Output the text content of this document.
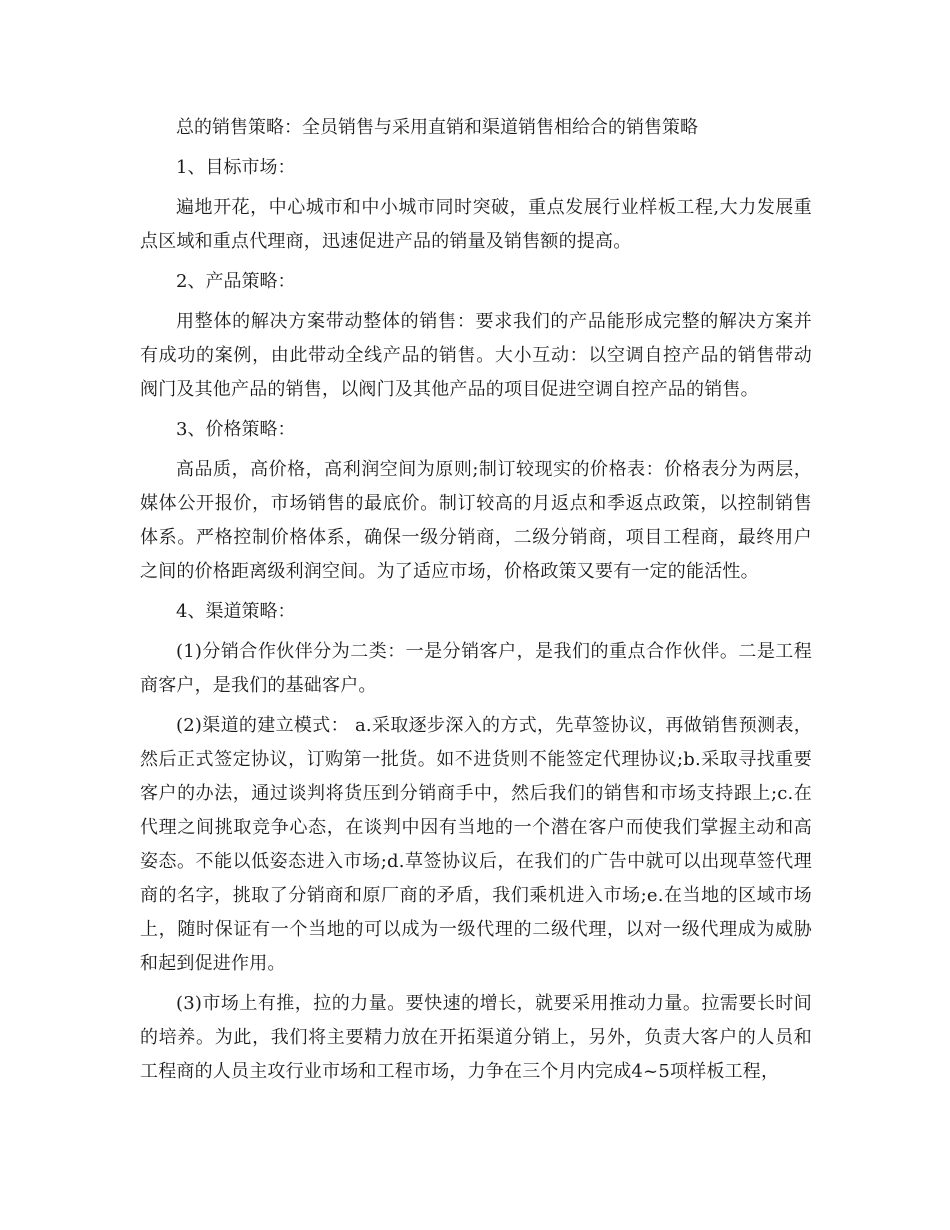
总的销售策略：全员销售与采用直销和渠道销售相给合的销售策略

1、目标市场：

遍地开花，中心城市和中小城市同时突破，重点发展行业样板工程,大力发展重点区域和重点代理商，迅速促进产品的销量及销售额的提高。

2、产品策略：

用整体的解决方案带动整体的销售：要求我们的产品能形成完整的解决方案并有成功的案例，由此带动全线产品的销售。大小互动：以空调自控产品的销售带动阀门及其他产品的销售，以阀门及其他产品的项目促进空调自控产品的销售。

3、价格策略：

高品质，高价格，高利润空间为原则;制订较现实的价格表：价格表分为两层，媒体公开报价，市场销售的最底价。制订较高的月返点和季返点政策，以控制销售体系。严格控制价格体系，确保一级分销商，二级分销商，项目工程商，最终用户之间的价格距离级利润空间。为了适应市场，价格政策又要有一定的能活性。

4、渠道策略：

(1)分销合作伙伴分为二类：一是分销客户，是我们的重点合作伙伴。二是工程商客户，是我们的基础客户。

(2)渠道的建立模式： a.采取逐步深入的方式，先草签协议，再做销售预测表，然后正式签定协议，订购第一批货。如不进货则不能签定代理协议;b.采取寻找重要客户的办法，通过谈判将货压到分销商手中，然后我们的销售和市场支持跟上;c.在代理之间挑取竞争心态，在谈判中因有当地的一个潜在客户而使我们掌握主动和高姿态。不能以低姿态进入市场;d.草签协议后，在我们的广告中就可以出现草签代理商的名字，挑取了分销商和原厂商的矛盾，我们乘机进入市场;e.在当地的区域市场上，随时保证有一个当地的可以成为一级代理的二级代理，以对一级代理成为威胁和起到促进作用。

(3)市场上有推，拉的力量。要快速的增长，就要采用推动力量。拉需要长时间的培养。为此，我们将主要精力放在开拓渠道分销上，另外，负责大客户的人员和工程商的人员主攻行业市场和工程市场，力争在三个月内完成4~5项样板工程，
